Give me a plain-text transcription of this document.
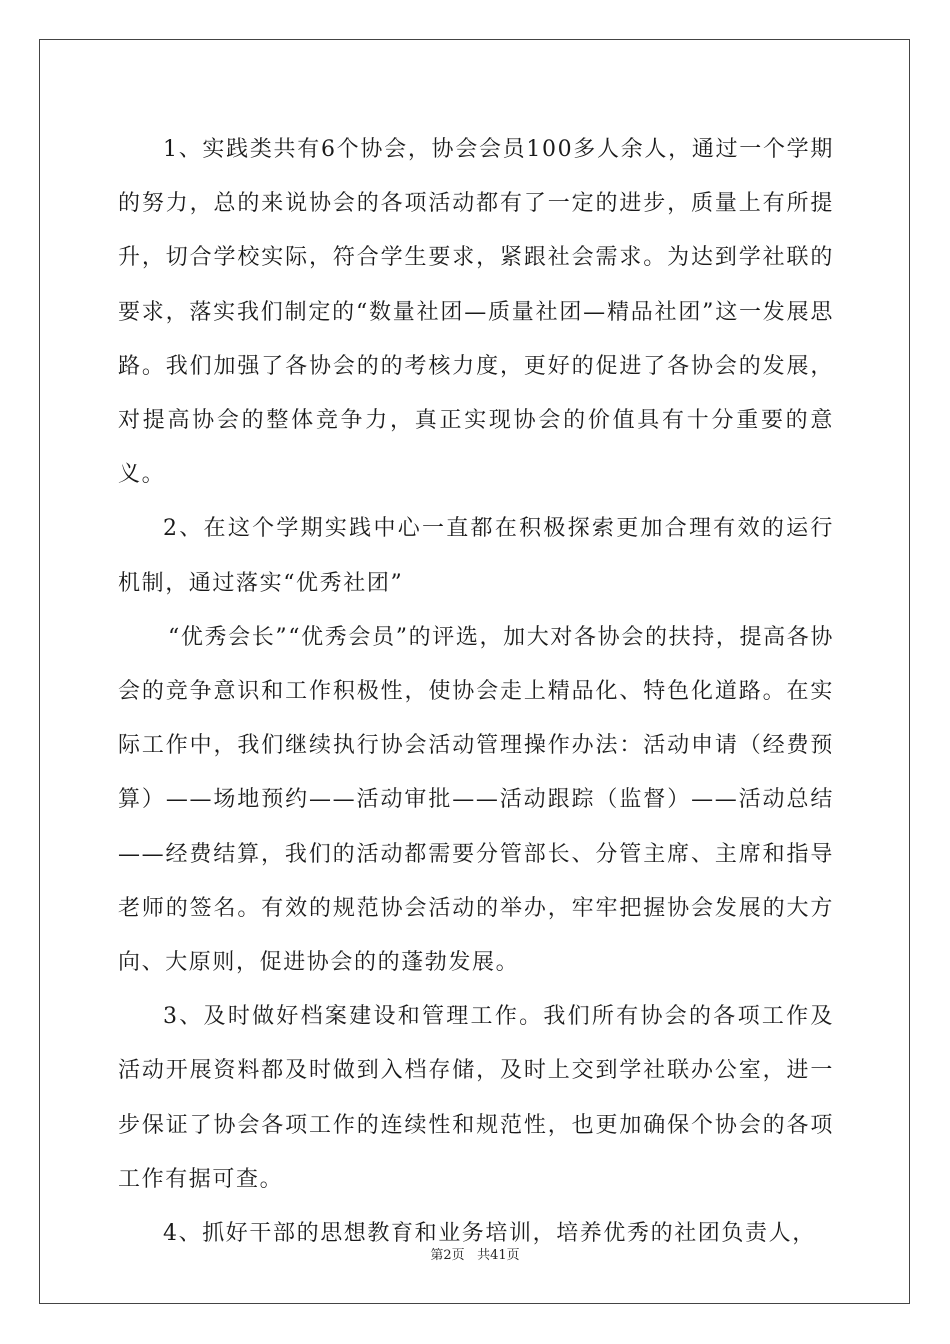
1、实践类共有6个协会，协会会员100多人余人，通过一个学期的努力，总的来说协会的各项活动都有了一定的进步，质量上有所提升，切合学校实际，符合学生要求，紧跟社会需求。为达到学社联的要求，落实我们制定的“数量社团—质量社团—精品社团”这一发展思路。我们加强了各协会的的考核力度，更好的促进了各协会的发展，对提高协会的整体竞争力，真正实现协会的价值具有十分重要的意义。

2、在这个学期实践中心一直都在积极探索更加合理有效的运行机制，通过落实“优秀社团”

“优秀会长”“优秀会员”的评选，加大对各协会的扶持，提高各协会的竞争意识和工作积极性，使协会走上精品化、特色化道路。在实际工作中，我们继续执行协会活动管理操作办法：活动申请（经费预算）——场地预约——活动审批——活动跟踪（监督）——活动总结——经费结算，我们的活动都需要分管部长、分管主席、主席和指导老师的签名。有效的规范协会活动的举办，牢牢把握协会发展的大方向、大原则，促进协会的的蓬勃发展。

3、及时做好档案建设和管理工作。我们所有协会的各项工作及活动开展资料都及时做到入档存储，及时上交到学社联办公室，进一步保证了协会各项工作的连续性和规范性，也更加确保个协会的各项工作有据可查。

4、抓好干部的思想教育和业务培训，培养优秀的社团负责人，

第2页 共41页
